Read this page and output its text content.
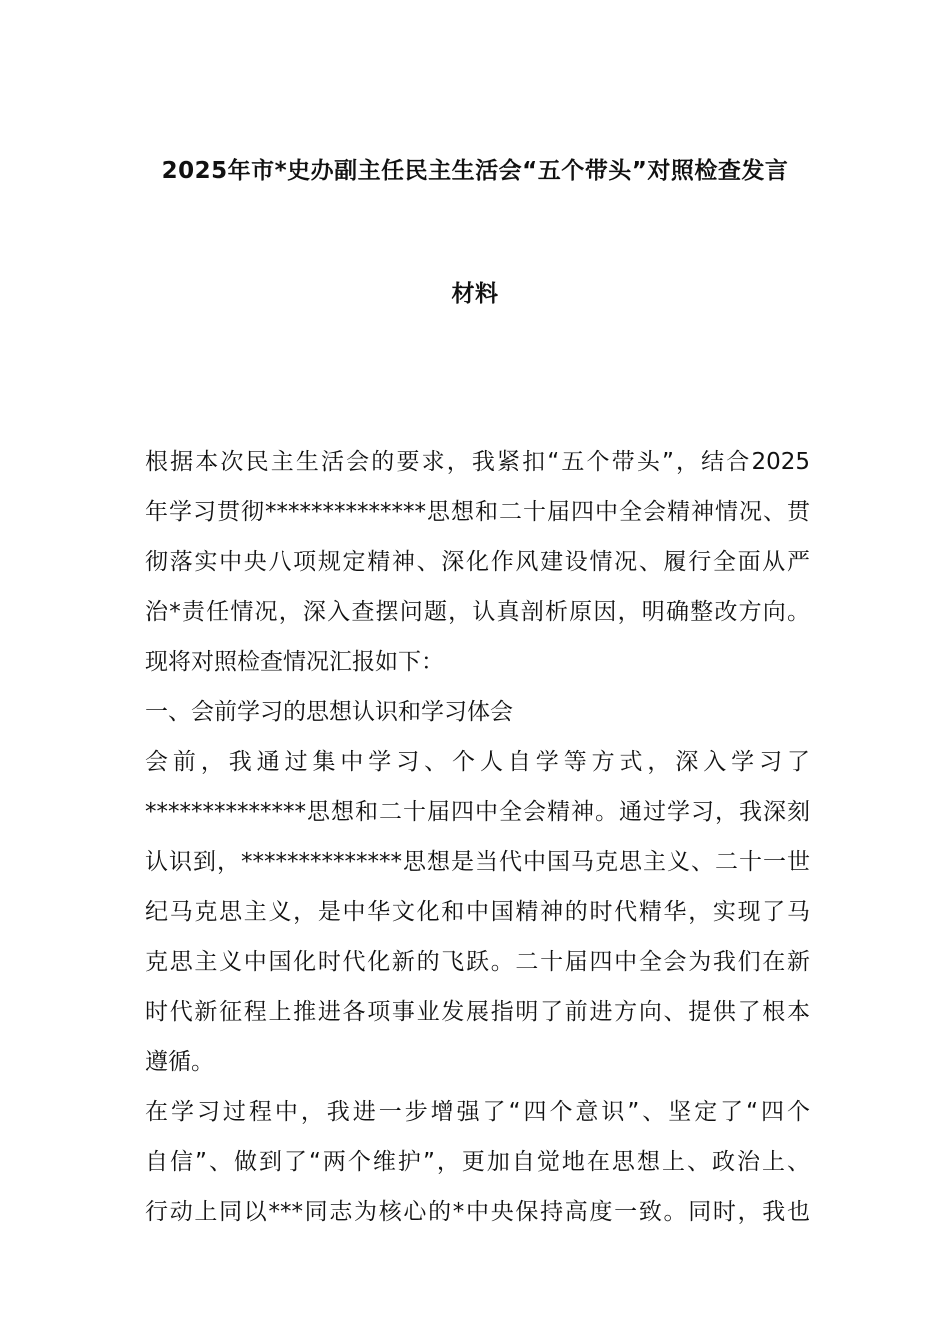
2025年市*史办副主任民主生活会“五个带头”对照检查发言
材料
根据本次民主生活会的要求，我紧扣“五个带头”，结合2025
年学习贯彻**************思想和二十届四中全会精神情况、贯
彻落实中央八项规定精神、深化作风建设情况、履行全面从严
治*责任情况，深入查摆问题，认真剖析原因，明确整改方向。
现将对照检查情况汇报如下：
一、会前学习的思想认识和学习体会
会前，我通过集中学习、个人自学等方式，深入学习了
**************思想和二十届四中全会精神。通过学习，我深刻
认识到，**************思想是当代中国马克思主义、二十一世
纪马克思主义，是中华文化和中国精神的时代精华，实现了马
克思主义中国化时代化新的飞跃。二十届四中全会为我们在新
时代新征程上推进各项事业发展指明了前进方向、提供了根本
遵循。
在学习过程中，我进一步增强了“四个意识”、坚定了“四个
自信”、做到了“两个维护”，更加自觉地在思想上、政治上、
行动上同以***同志为核心的*中央保持高度一致。同时，我也
